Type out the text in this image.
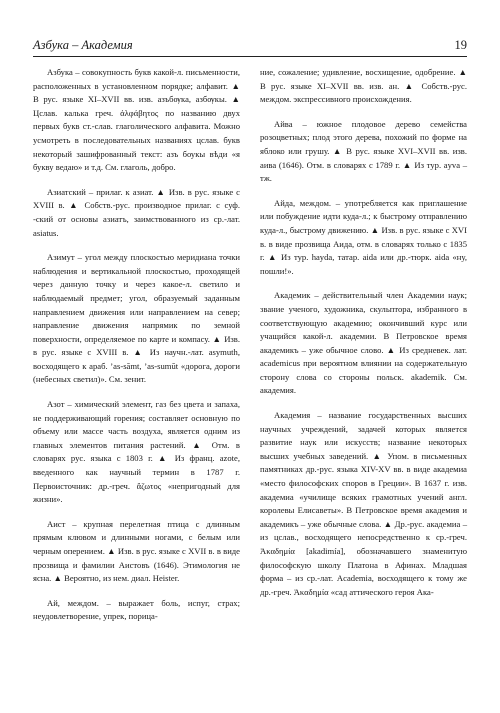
Азбука – Академия	19

Азбука – совокупность букв какой-л. письменности, расположенных в установленном порядке; алфавит. ▲ В рус. языке XI–XVII вв. изв. азъбѹка, азбѹкы. ▲ Цслав. калька греч. ἀλφάβητος по названию двух первых букв ст.-слав. глаголического алфавита. Можно усмотреть в последовательных названиях цслав. букв некоторый зашифрованный текст: азъ боукы вѣди «я букву ведаю» и т.д. См. глаголь, добро.

Азиатский – прилаг. к азиат. ▲ Изв. в рус. языке с XVIII в. ▲ Собств.-рус. производное прилаг. с суф. -ский от основы азиатъ, заимствованного из ср.-лат. asiatus.

Азимут – угол между плоскостью меридиана точки наблюдения и вертикальной плоскостью, проходящей через данную точку и через какое-л. светило и наблюдаемый предмет; угол, образуемый заданным направлением движения или направлением на север; направление движения напрямик по земной поверхности, определяемое по карте и компасу. ▲ Изв. в рус. языке с XVIII в. ▲ Из научн.-лат. asymuth, восходящего к араб. ʼas-sāmt, ʼas-sumūt «дорога, дороги (небесных светил)». См. зенит.

Азот – химический элемент, газ без цвета и запаха, не поддерживающий горения; составляет основную по объему или массе часть воздуха, является одним из главных элементов питания растений. ▲ Отм. в словарях рус. языка с 1803 г. ▲ Из франц. azote, введенного как научный термин в 1787 г. Первоисточник: др.-греч. ἄζωτος «непригодный для жизни».

Аист – крупная перелетная птица с длинным прямым клювом и длинными ногами, с белым или черным оперением. ▲ Изв. в рус. языке с XVII в. в виде прозвища и фамилии Аистовъ (1646). Этимология не ясна. ▲ Вероятно, из нем. диал. Heister.

Ай, междом. – выражает боль, испуг, страх; неудовлетворение, упрек, порица-

ние, сожаление; удивление, восхищение, одобрение. ▲ В рус. языке XI–XVII вв. изв. ан. ▲ Собств.-рус. междом. экспрессивного происхождения.

Айва – южное плодовое дерево семейства розоцветных; плод этого дерева, похожий по форме на яблоко или грушу. ▲ В рус. языке XVI–XVII вв. изв. аива (1646). Отм. в словарях с 1789 г. ▲ Из тур. ayva – тж.

Айда, междом. – употребляется как приглашение или побуждение идти куда-л.; к быстрому отправлению куда-л., быстрому движению. ▲ Изв. в рус. языке с XVI в. в виде прозвища Аида, отм. в словарях только с 1835 г. ▲ Из тур. hayda, татар. aida или др.-тюрк. aida «ну, пошли!».

Академик – действительный член Академии наук; звание ученого, художника, скульптора, избранного в соответствующую академию; окончивший курс или учащийся какой-л. академии. В Петровское время академикъ – уже обычное слово. ▲ Из средневек. лат. academicus при вероятном влиянии на содержательную сторону слова со стороны польск. akademik. См. академия.

Академия – название государственных высших научных учреждений, задачей которых является развитие наук или искусств; название некоторых высших учебных заведений. ▲ Упом. в письменных памятниках др.-рус. языка XIV-XV вв. в виде академиа «место философских споров в Греции». В 1637 г. изв. академиа «училище всяких грамотных учений англ. королевы Елисаветы». В Петровское время академия и академикъ – уже обычные слова. ▲ Др.-рус. академиа – из цслав., восходящего непосредственно к ср.-греч. Ἀκαδημία [akadimía], обозначавшего знаменитую философскую школу Платона в Афинах. Младшая форма – из ср.-лат. Academia, восходящего к тому же др.-греч. Ἀκαδημία «сад аттического героя Ака-
